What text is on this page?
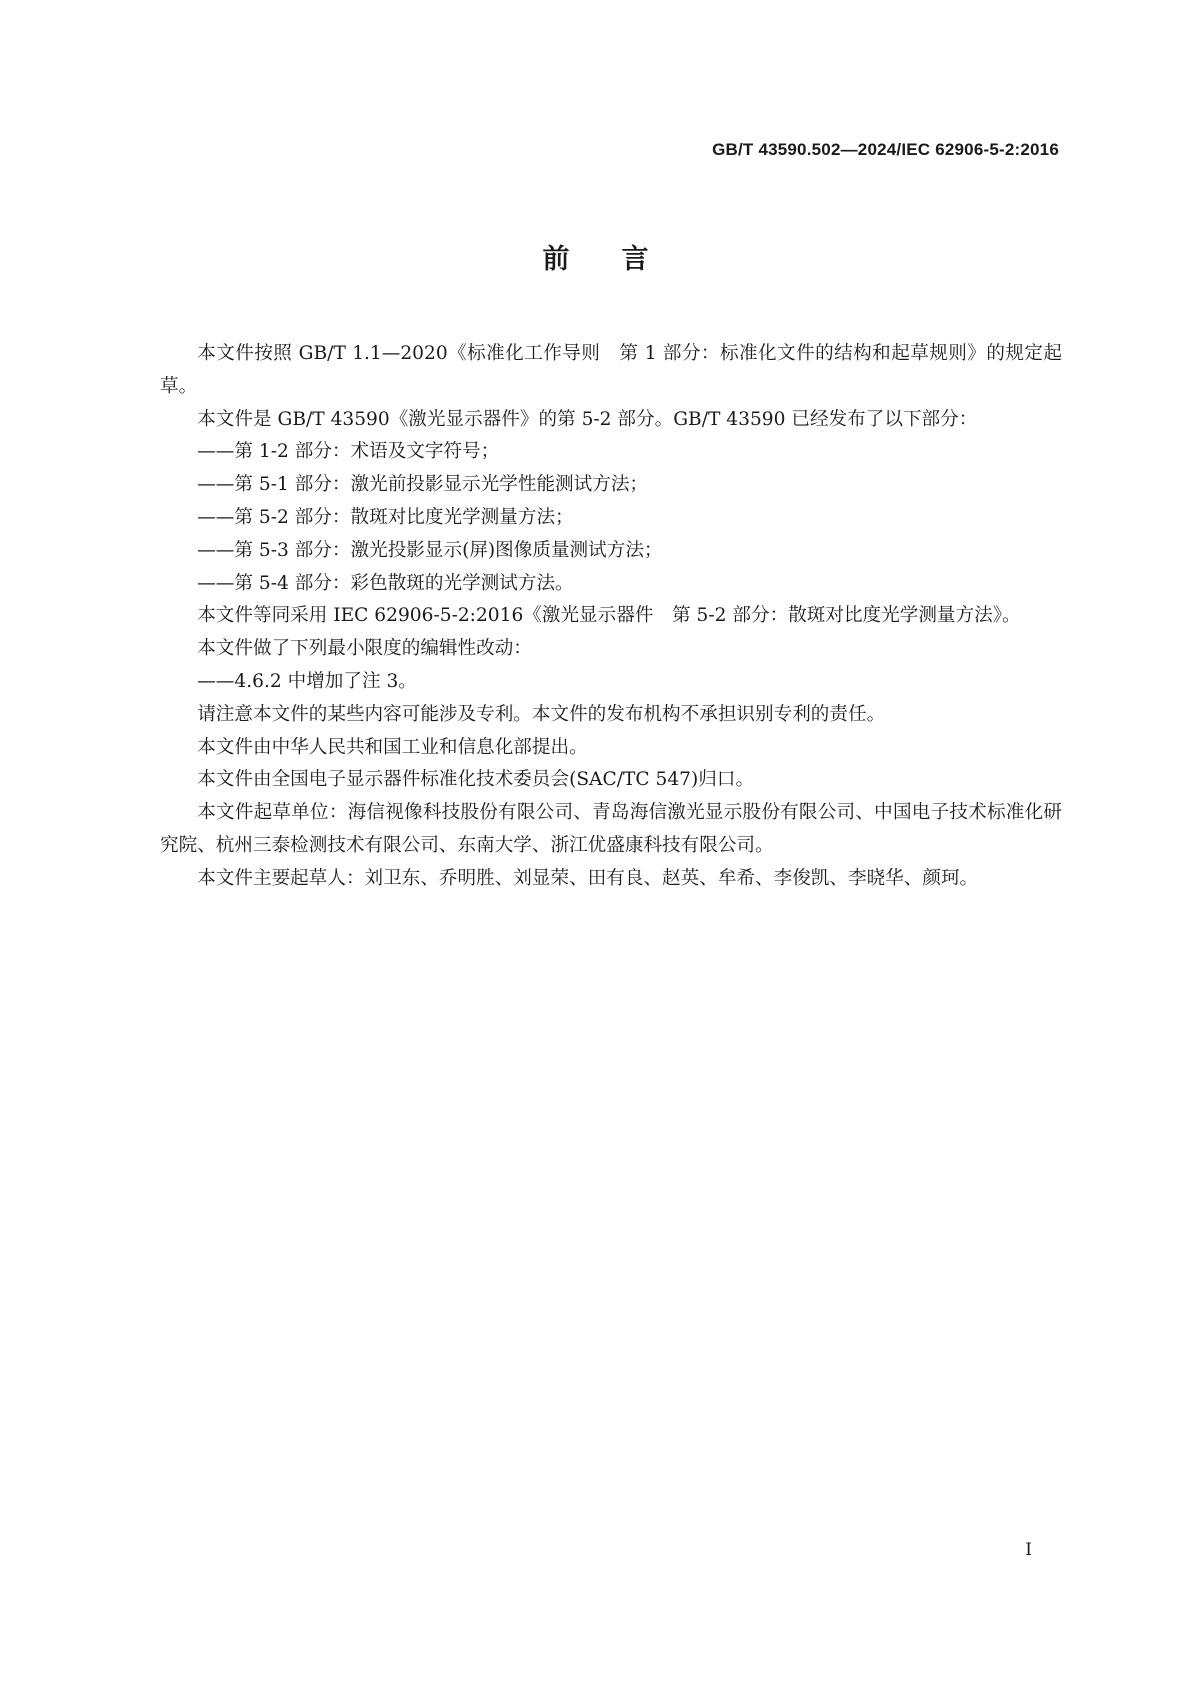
GB/T 43590.502—2024/IEC 62906-5-2:2016
前言

本文件按照 GB/T 1.1—2020《标准化工作导则　第 1 部分：标准化文件的结构和起草规则》的规定起草。

本文件是 GB/T 43590《激光显示器件》的第 5-2 部分。GB/T 43590 已经发布了以下部分：

——第 1-2 部分：术语及文字符号；

——第 5-1 部分：激光前投影显示光学性能测试方法；

——第 5-2 部分：散斑对比度光学测量方法；

——第 5-3 部分：激光投影显示(屏)图像质量测试方法；

——第 5-4 部分：彩色散斑的光学测试方法。

本文件等同采用 IEC 62906-5-2:2016《激光显示器件　第 5-2 部分：散斑对比度光学测量方法》。

本文件做了下列最小限度的编辑性改动：

——4.6.2 中增加了注 3。

请注意本文件的某些内容可能涉及专利。本文件的发布机构不承担识别专利的责任。

本文件由中华人民共和国工业和信息化部提出。

本文件由全国电子显示器件标准化技术委员会(SAC/TC 547)归口。

本文件起草单位：海信视像科技股份有限公司、青岛海信激光显示股份有限公司、中国电子技术标准化研究院、杭州三泰检测技术有限公司、东南大学、浙江优盛康科技有限公司。

本文件主要起草人：刘卫东、乔明胜、刘显荣、田有良、赵英、牟希、李俊凯、李晓华、颜珂。

I
